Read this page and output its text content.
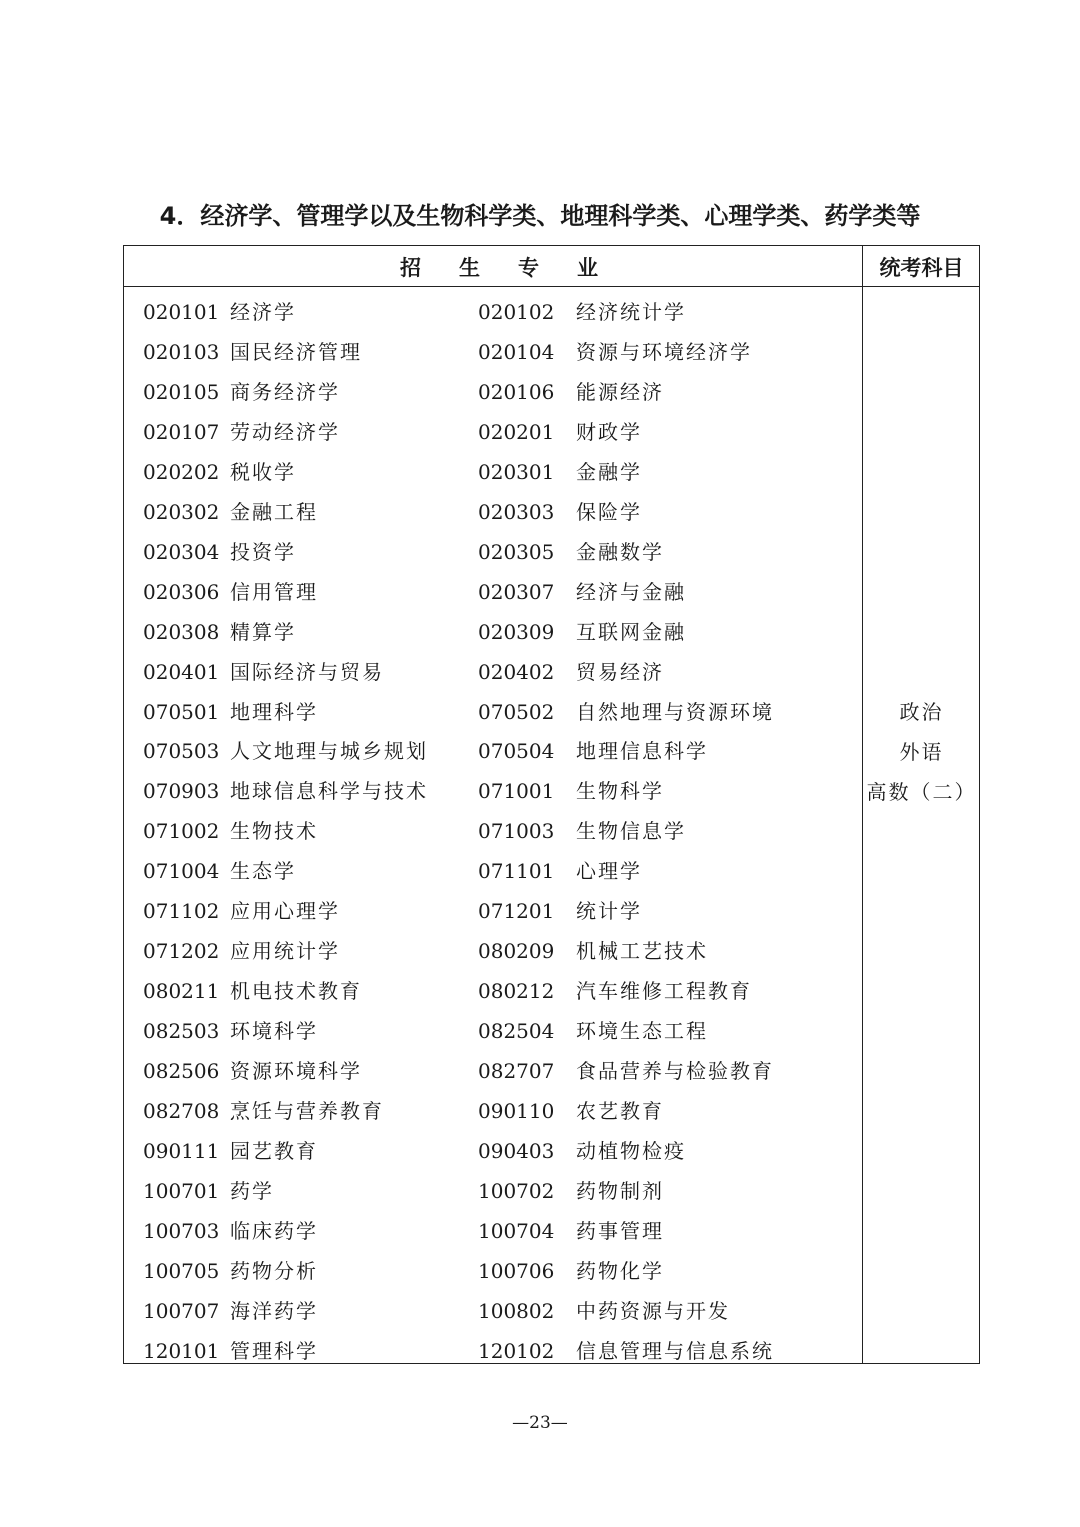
4．经济学、管理学以及生物科学类、地理科学类、心理学类、药学类等
招生专业	统考科目
020101 经济学	020102 经济统计学
020103 国民经济管理	020104 资源与环境经济学
020105 商务经济学	020106 能源经济
020107 劳动经济学	020201 财政学
020202 税收学	020301 金融学
020302 金融工程	020303 保险学
020304 投资学	020305 金融数学
020306 信用管理	020307 经济与金融
020308 精算学	020309 互联网金融
020401 国际经济与贸易	020402 贸易经济
070501 地理科学	070502 自然地理与资源环境
070503 人文地理与城乡规划	070504 地理信息科学
070903 地球信息科学与技术	071001 生物科学
071002 生物技术	071003 生物信息学
071004 生态学	071101 心理学
071102 应用心理学	071201 统计学
071202 应用统计学	080209 机械工艺技术
080211 机电技术教育	080212 汽车维修工程教育
082503 环境科学	082504 环境生态工程
082506 资源环境科学	082707 食品营养与检验教育
082708 烹饪与营养教育	090110 农艺教育
090111 园艺教育	090403 动植物检疫
100701 药学	100702 药物制剂
100703 临床药学	100704 药事管理
100705 药物分析	100706 药物化学
100707 海洋药学	100802 中药资源与开发
120101 管理科学	120102 信息管理与信息系统
政治
外语
高数（二）
—23—
